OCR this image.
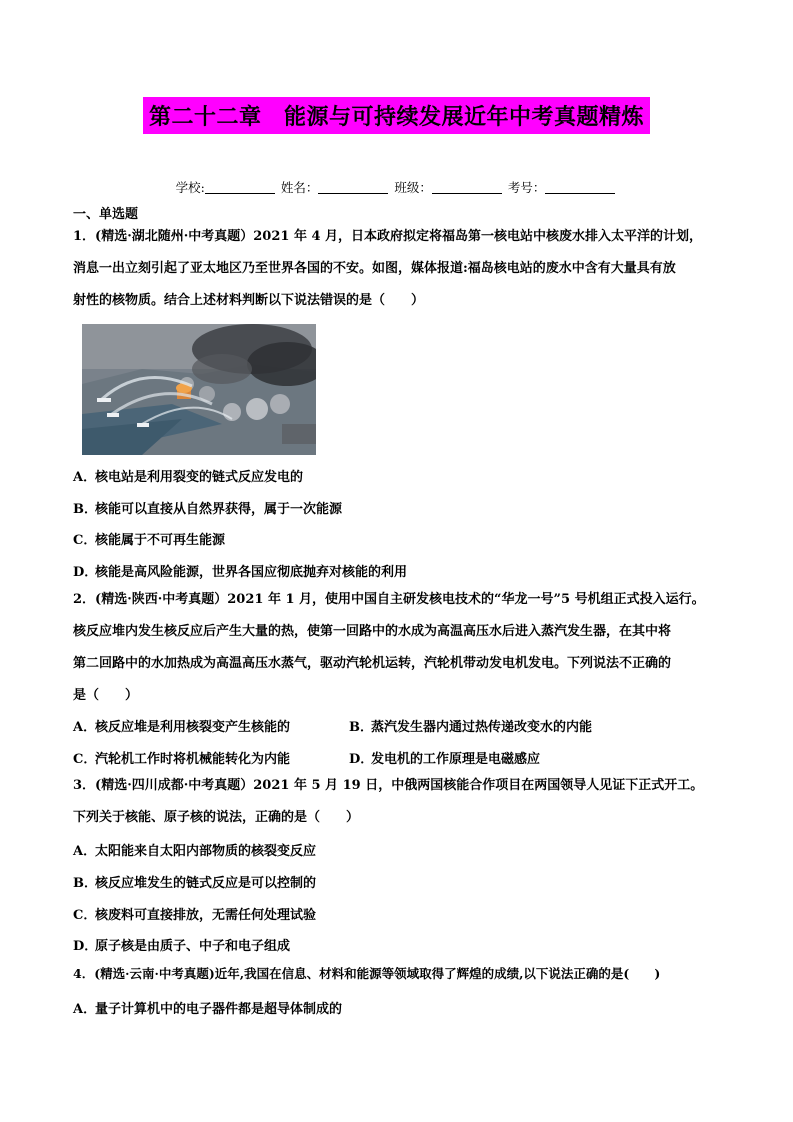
第二十二章　能源与可持续发展近年中考真题精炼
学校:	姓名：	班级：	考号：
一、单选题
1．(精选·湖北随州·中考真题）2021 年 4 月，日本政府拟定将福岛第一核电站中核废水排入太平洋的计划，
消息一出立刻引起了亚太地区乃至世界各国的不安。如图，媒体报道:福岛核电站的废水中含有大量具有放
射性的核物质。结合上述材料判断以下说法错误的是（　　）
A．核电站是利用裂变的链式反应发电的
B．核能可以直接从自然界获得，属于一次能源
C．核能属于不可再生能源
D．核能是高风险能源，世界各国应彻底抛弃对核能的利用
2．(精选·陕西·中考真题）2021 年 1 月，使用中国自主研发核电技术的“华龙一号”5 号机组正式投入运行。
核反应堆内发生核反应后产生大量的热，使第一回路中的水成为高温高压水后进入蒸汽发生器，在其中将
第二回路中的水加热成为高温高压水蒸气，驱动汽轮机运转，汽轮机带动发电机发电。下列说法不正确的
是（　　）
A．核反应堆是利用核裂变产生核能的	B．蒸汽发生器内通过热传递改变水的内能
C．汽轮机工作时将机械能转化为内能	D．发电机的工作原理是电磁感应
3．(精选·四川成都·中考真题）2021 年 5 月 19 日，中俄两国核能合作项目在两国领导人见证下正式开工。
下列关于核能、原子核的说法，正确的是（　　）
A．太阳能来自太阳内部物质的核裂变反应
B．核反应堆发生的链式反应是可以控制的
C．核废料可直接排放，无需任何处理试验
D．原子核是由质子、中子和电子组成
4．(精选·云南·中考真题)近年,我国在信息、材料和能源等领域取得了辉煌的成绩,以下说法正确的是(　　)
A．量子计算机中的电子器件都是超导体制成的
